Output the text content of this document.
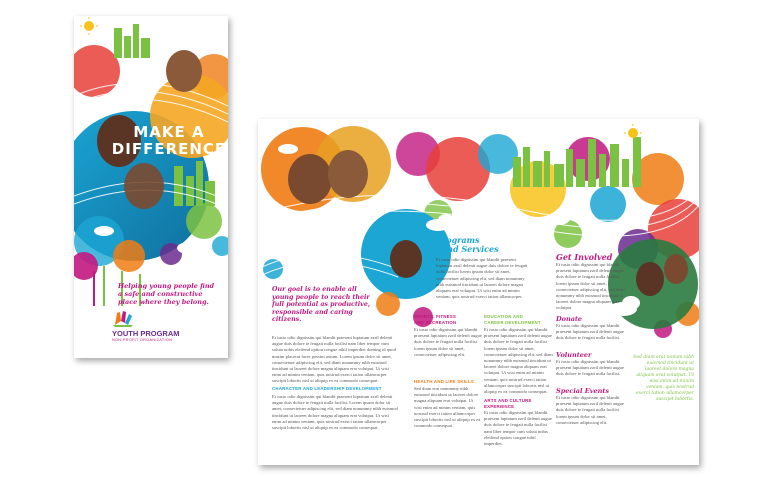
MAKE A
DIFFERENCE
Helping young people find a safe and constructive place where they belong.
YOUTH PROGRAM
NON-PROFIT ORGANIZATION
Our goal is to enable all young people to reach their full potential as productive, responsible and caring citizens.
Et iusto odio dignissim qui blandit praesent luptatum zzril delenit augue duis dolore te feugait nulla facilisi nam liber tempor cum soluta nobis eleifend option congue nihil imperdiet doming id quod mazim placerat facer possim assum. Lorem ipsum dolor sit amet, consectetuer adipiscing elit, sed diam nonummy nibh euismod tincidunt ut laoreet dolore magna aliquam erat volutpat. Ut wisi enim ad minim veniam, quis nostrud exerci tation ullamcorper suscipit lobortis nisl ut aliquip ex ea commodo consequat.
CHARACTER AND LEADERSHIP DEVELOPMENT
Et iusto odio dignissim qui blandit praesent luptatum zzril delenit augue duis dolore te feugait nulla facilisi. Lorem ipsum dolor sit amet, consectetuer adipiscing elit, sed diam nonummy nibh euismod tincidunt ut laoreet dolore magna aliquam erat volutpat. Ut wisi enim ad minim veniam, quis nostrud exerci tation ullamcorper suscipit lobortis nisl ut aliquip ex ea commodo consequat.
Programs
and Services
Et iusto odio dignissim qui blandit praesent luptatum zzril delenit augue duis dolore te feugait nulla facilisi lorem ipsum dolor sit amet, consectetuer adipiscing elit, sed diam nonummy nibh euismod tincidunt ut laoreet dolore magna aliquam erat volutpat. Ut wisi enim ad minim veniam, quis nostrud exerci tation ullamcorper.
SPORTS, FITNESS
AND RECREATION
Et iusto odio dignissim qui blandit praesent luptatum zzril delenit augue duis dolore te feugait nulla facilisi lorem ipsum dolor sit amet, consectetuer adipiscing elit.
HEALTH AND LIFE SKILLS
Sed diam erat nonummy nibh euismod tincidunt ut laoreet dolore magna aliquam erat volutpat. Ut wisi enim ad minim veniam, quis nostrud exerci tation ullamcorper suscipit lobortis nisl ut aliquip ex ea commodo consequat.
EDUCATION AND
CAREER DEVELOPMENT
Et iusto odio dignissim qui blandit praesent luptatum zzril delenit augue duis dolore te feugait nulla facilisi lorem ipsum dolor sit amet, consectetuer adipiscing elit, sed diam nonummy nibh euismod tincidunt ut laoreet dolore magna aliquam erat volutpat. Ut wisi enim ad minim veniam, quis nostrud exerci tation ullamcorper suscipit lobortis nisl ut aliquip ex ea commodo consequat.
ARTS AND CULTURE
EXPERIENCE
Et iusto odio dignissim qui blandit praesent luptatum zzril delenit augue duis dolore te feugait nulla facilisi nam liber tempor cum soluta nobis eleifend option congue nihil imperdiet.
Get Involved
Et iusto odio dignissim qui blandit praesent luptatum zzril delenit augue duis dolore te feugait nulla facilisi lorem ipsum dolor sit amet, consectetuer adipiscing elit, sed diam nonummy nibh euismod tincidunt ut laoreet dolore magna aliquam erat volutpat.
Donate
Et iusto odio dignissim qui blandit praesent luptatum zzril delenit augue duis dolore te feugait nulla facilisi.
Volunteer
Et iusto odio dignissim qui blandit praesent luptatum zzril delenit augue duis dolore te feugait nulla facilisi.
Special Events
Et iusto odio dignissim qui blandit praesent luptatum zzril delenit augue duis dolore te feugait nulla facilisi lorem ipsum dolor sit amet, consectetuer adipiscing elit.
Sed diam erat nonum nibh euismod tincidunt ut laoreet dolore magna aliquam erat volutpat. Ut wisi enim ad minim veniam, quis nostrud exerci tation ullamcorper suscipit lobortis.
